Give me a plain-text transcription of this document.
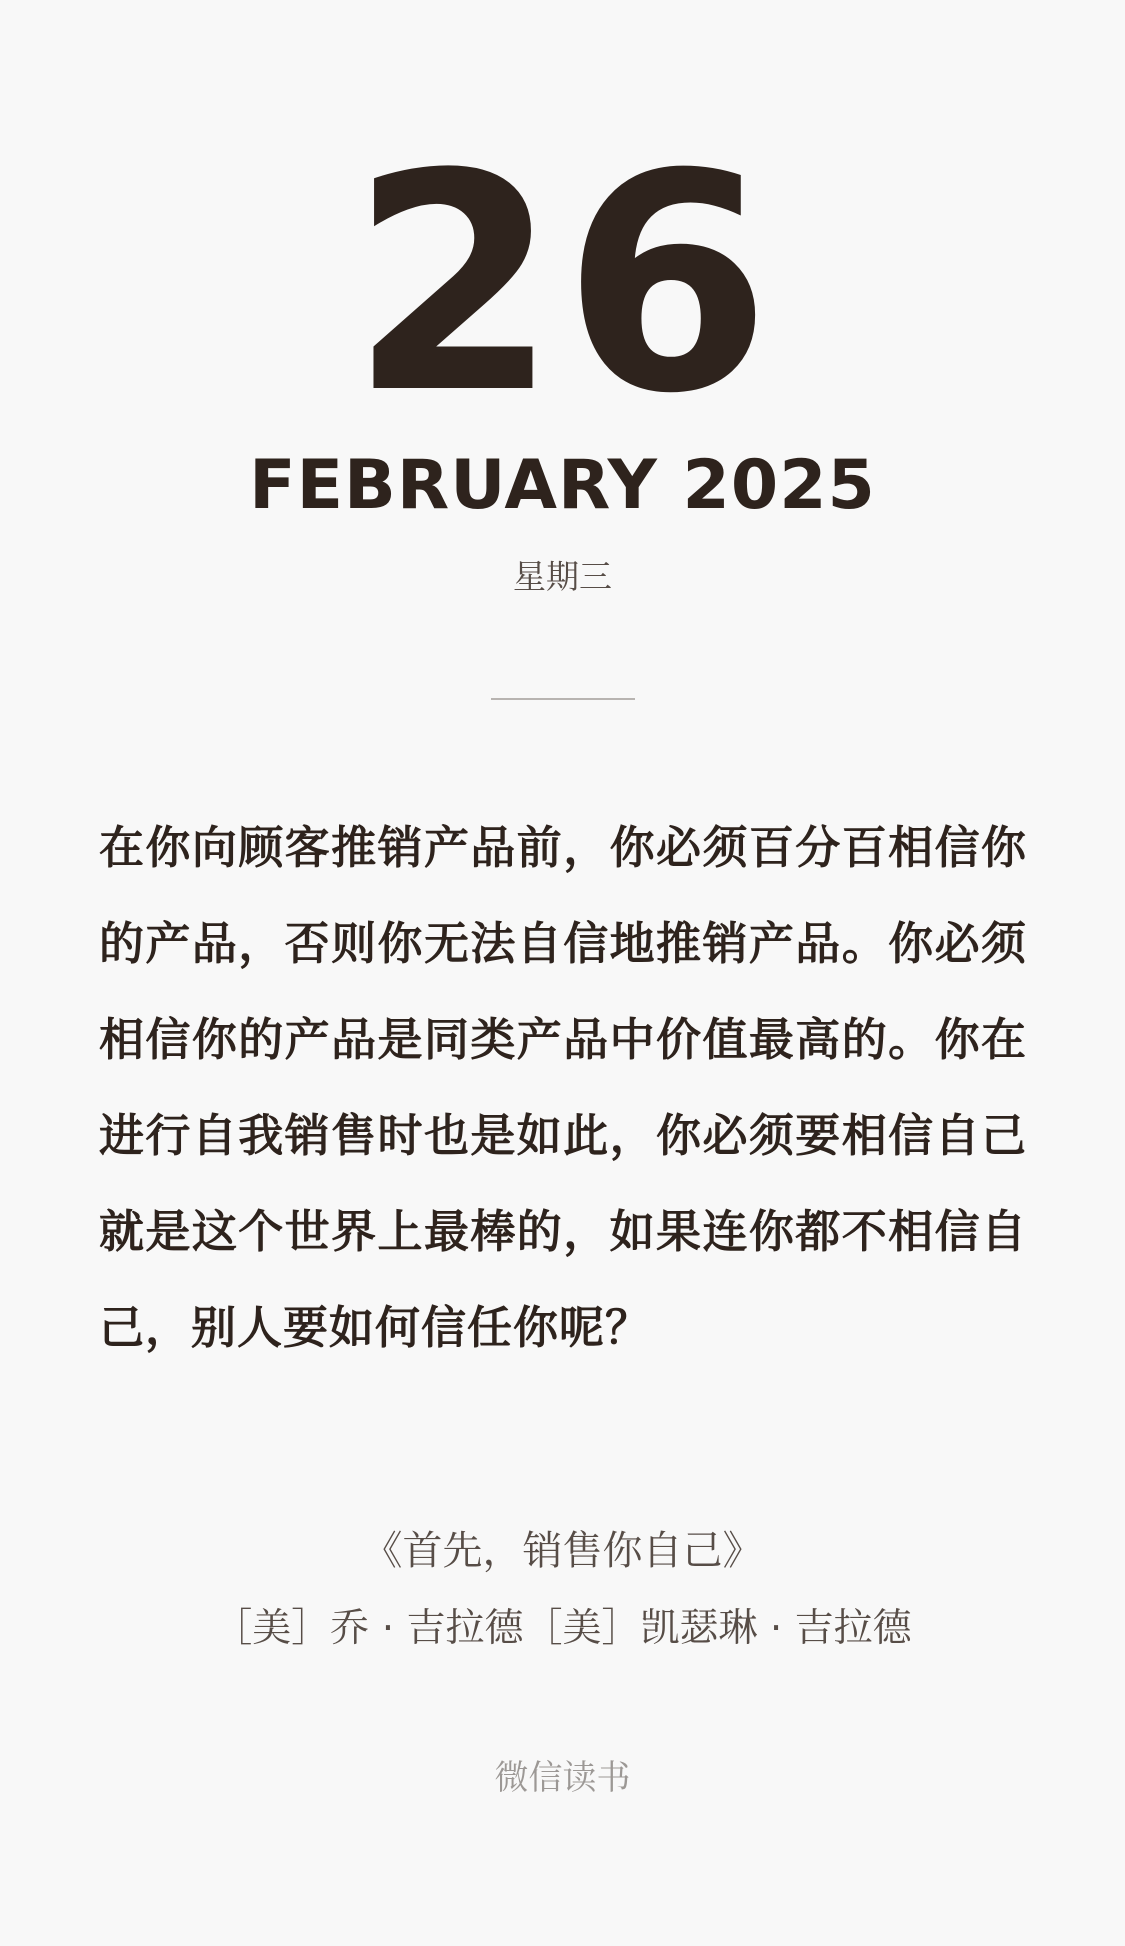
26
FEBRUARY 2025
星期三
在你向顾客推销产品前，你必须百分百相信你的产品，否则你无法自信地推销产品。你必须相信你的产品是同类产品中价值最高的。你在进行自我销售时也是如此，你必须要相信自己就是这个世界上最棒的，如果连你都不相信自己，别人要如何信任你呢？
《首先，销售你自己》
［美］乔 · 吉拉德［美］凯瑟琳 · 吉拉德
微信读书
